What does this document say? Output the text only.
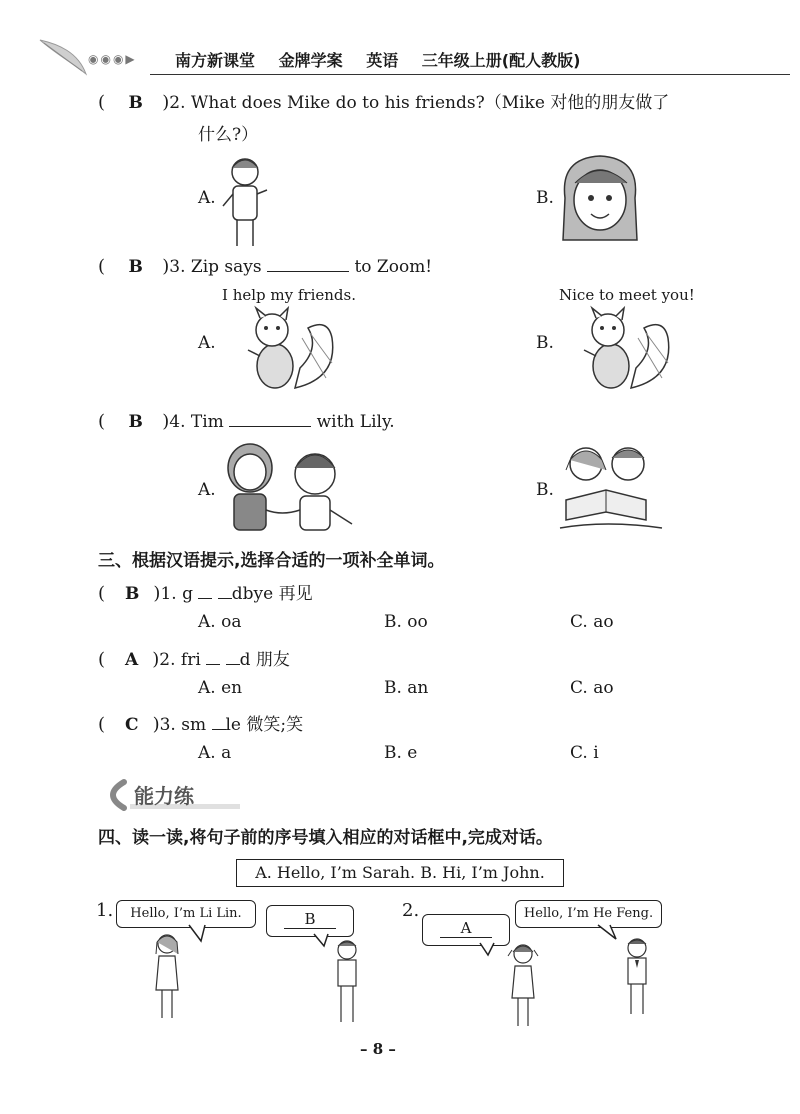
◉◉◉▶ 南方新课堂 金牌学案 英语 三年级上册(配人教版)
( B )2. What does Mike do to his friends?（Mike 对他的朋友做了
什么?）
A.	B.
( B )3. Zip says	to Zoom!
I help my friends.	Nice to meet you!
A.	B.
( B )4. Tim	with Lily.
A.	B.
三、根据汉语提示,选择合适的一项补全单词。
( B )1. g dbye 再见
A. oa	B. oo	C. ao
( A )2. fri d 朋友
A. en	B. an	C. ao
( C )3. sm le 微笑;笑
A. a	B. e	C. i
能力练
四、读一读,将句子前的序号填入相应的对话框中,完成对话。
A. Hello, I’m Sarah. B. Hi, I’m John.
1.	Hello, I’m Li Lin.	B	2.
A
Hello, I’m He Feng.
– 8 –
